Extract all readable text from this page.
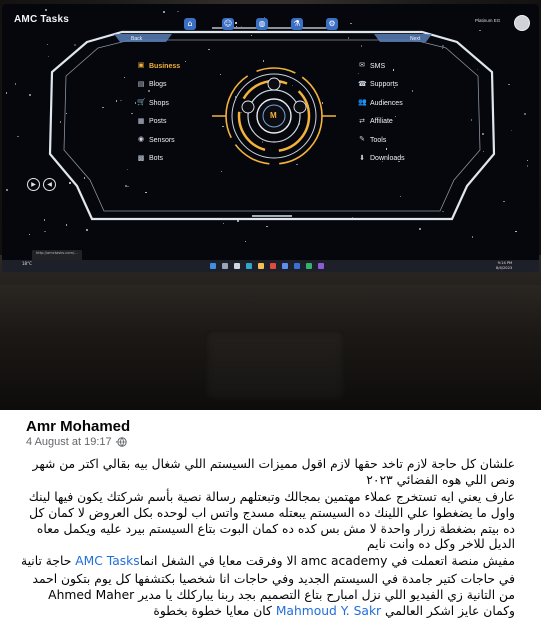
AMC Tasks	⌂	☺	◍	⚗	⚙	Platinum EG
Back	Next
▣ Business
▤ Blogs
🛒 Shops
▦ Posts
◉ Sensors
▩ Bots
✉ SMS
☎ Supports
👥 Audiences
⇄ Affiliate
✎ Tools
⬇ Downloads
M
▶	◀
http://amctasks.com/...
18°C	9:14 PM
8/4/2023
Amr Mohamed
4 August at 19:17 ·
علشان كل حاجة لازم تاخد حقها لازم اقول مميزات السيستم اللي شغال بيه بقالي اكتر من شهر ونص اللي هوه الفضائي ٢٠٢٣
عارف يعني ايه تستخرج عملاء مهتمين بمجالك وتبعتلهم رسالة نصية بأسم شركتك يكون فيها لينك واول ما يضغطوا علي اللينك ده السيستم يبعتله مسدج واتس اب لوحده بكل العروض لا كمان كل ده بيتم بضغطة زرار واحدة لا مش بس كده ده كمان البوت بتاع السيستم بيرد عليه ويكمل معاه الديل للاخر وكل ده وانت نايم
مفيش منصة اتعملت في amc academy الا وفرقت معايا في الشغل انماAMC Tasks حاجة تانية
في حاجات كتير جامدة في السيستم الجديد وفي حاجات انا شخصيا بكتشفها كل يوم بتكون احمد من التانية زي الفيديو اللي نزل امبارح بتاع التصميم بجد ربنا يباركلك يا مدير Ahmed Maher وكمان عايز اشكر العالمي Mahmoud Y. Sakr كان معايا خطوة بخطوة
